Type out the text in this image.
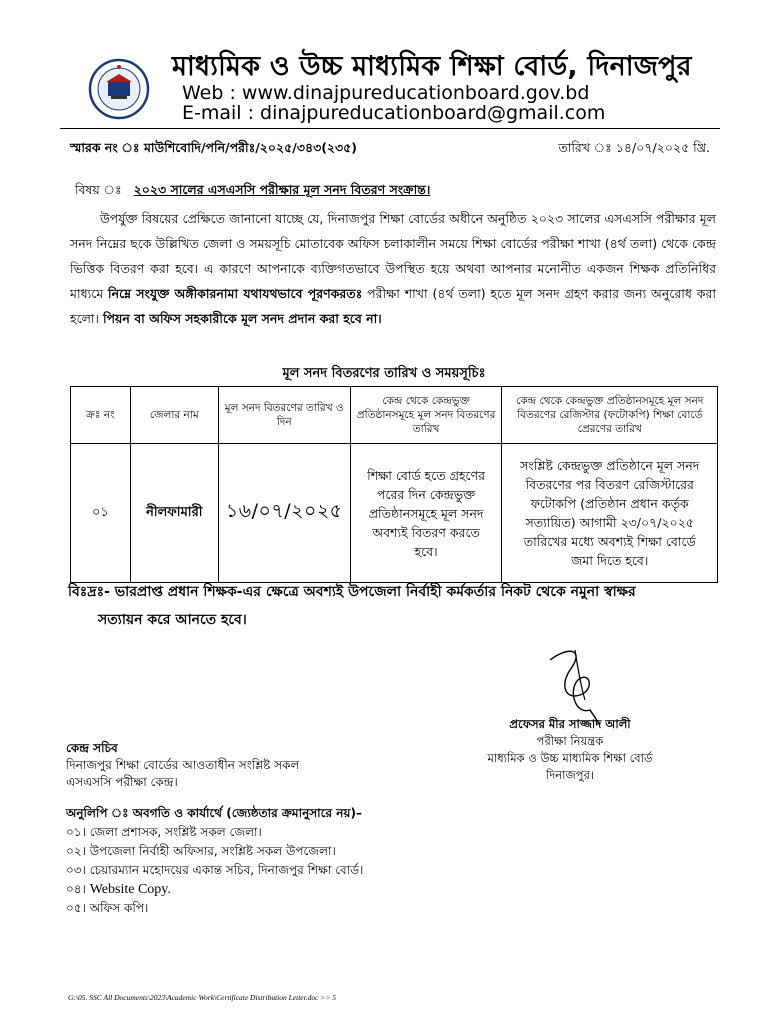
মাধ্যমিক ও উচ্চ মাধ্যমিক শিক্ষা বোর্ড, দিনাজপুর
Web : www.dinajpureducationboard.gov.bd
E-mail : dinajpureducationboard@gmail.com
স্মারক নং ঃ মাউশিবোদি/পনি/পরীঃ/২০২৫/৩৪৩(২৩৫)	তারিখ ঃ ১৪/০৭/২০২৫ খ্রি.
বিষয় ঃ ২০২৩ সালের এসএসসি পরীক্ষার মূল সনদ বিতরণ সংক্রান্ত।
উপর্যুক্ত বিষয়ের প্রেক্ষিতে জানানো যাচ্ছে যে, দিনাজপুর শিক্ষা বোর্ডের অধীনে অনুষ্ঠিত ২০২৩ সালের এসএসসি পরীক্ষার মূল সনদ নিম্নের ছকে উল্লিখিত জেলা ও সময়সূচি মোতাবেক অফিস চলাকালীন সময়ে শিক্ষা বোর্ডের পরীক্ষা শাখা (৪র্থ তলা) থেকে কেন্দ্র ভিত্তিক বিতরণ করা হবে। এ কারণে আপনাকে ব্যক্তিগতভাবে উপস্থিত হয়ে অথবা আপনার মনোনীত একজন শিক্ষক প্রতিনিধির মাধ্যমে নিম্নে সংযুক্ত অঙ্গীকারনামা যথাযথভাবে পূরণকরতঃ পরীক্ষা শাখা (৪র্থ তলা) হতে মূল সনদ গ্রহণ করার জন্য অনুরোধ করা হলো। পিয়ন বা অফিস সহকারীকে মূল সনদ প্রদান করা হবে না।
মূল সনদ বিতরণের তারিখ ও সময়সূচিঃ
ক্রঃ নং	জেলার নাম	মূল সনদ বিতরণের তারিখ ও দিন	কেন্দ্র থেকে কেন্দ্রভুক্ত প্রতিষ্ঠানসমূহে মূল সনদ বিতরণের তারিখ	কেন্দ্র থেকে কেন্দ্রভুক্ত প্রতিষ্ঠানসমূহে মূল সনদ বিতরণের রেজিস্টার (ফটোকপি) শিক্ষা বোর্ডে প্রেরণের তারিখ
০১	নীলফামারী	১৬/০৭/২০২৫	শিক্ষা বোর্ড হতে গ্রহণের পরের দিন কেন্দ্রভুক্ত প্রতিষ্ঠানসমূহে মূল সনদ অবশ্যই বিতরণ করতে হবে।	সংশ্লিষ্ট কেন্দ্রভুক্ত প্রতিষ্ঠানে মূল সনদ বিতরণের পর বিতরণ রেজিস্টারের ফটোকপি (প্রতিষ্ঠান প্রধান কর্তৃক সত্যায়িত) আগামী ২৩/০৭/২০২৫ তারিখের মধ্যে অবশ্যই শিক্ষা বোর্ডে জমা দিতে হবে।
বিঃদ্রঃ- ভারপ্রাপ্ত প্রধান শিক্ষক-এর ক্ষেত্রে অবশ্যই উপজেলা নির্বাহী কর্মকর্তার নিকট থেকে নমুনা স্বাক্ষর
সত্যায়ন করে আনতে হবে।
প্রফেসর মীর সাজ্জাদ আলী
পরীক্ষা নিয়ন্ত্রক
মাধ্যমিক ও উচ্চ মাধ্যমিক শিক্ষা বোর্ড
দিনাজপুর।
কেন্দ্র সচিব
দিনাজপুর শিক্ষা বোর্ডের আওতাধীন সংশ্লিষ্ট সকল
এসএসসি পরীক্ষা কেন্দ্র।
অনুলিপি ঃ অবগতি ও কার্যার্থে (জ্যেষ্ঠতার ক্রমানুসারে নয়)–
০১। জেলা প্রশাসক, সংশ্লিষ্ট সকল জেলা।
০২। উপজেলা নির্বাহী অফিসার, সংশ্লিষ্ট সকল উপজেলা।
০৩। চেয়ারম্যান মহোদয়ের একান্ত সচিব, দিনাজপুর শিক্ষা বোর্ড।
০৪। Website Copy.
০৫। অফিস কপি।
G:\05. SSC All Documents\2023\Academic Work\Certificate Distribution Letter.doc >> 5
